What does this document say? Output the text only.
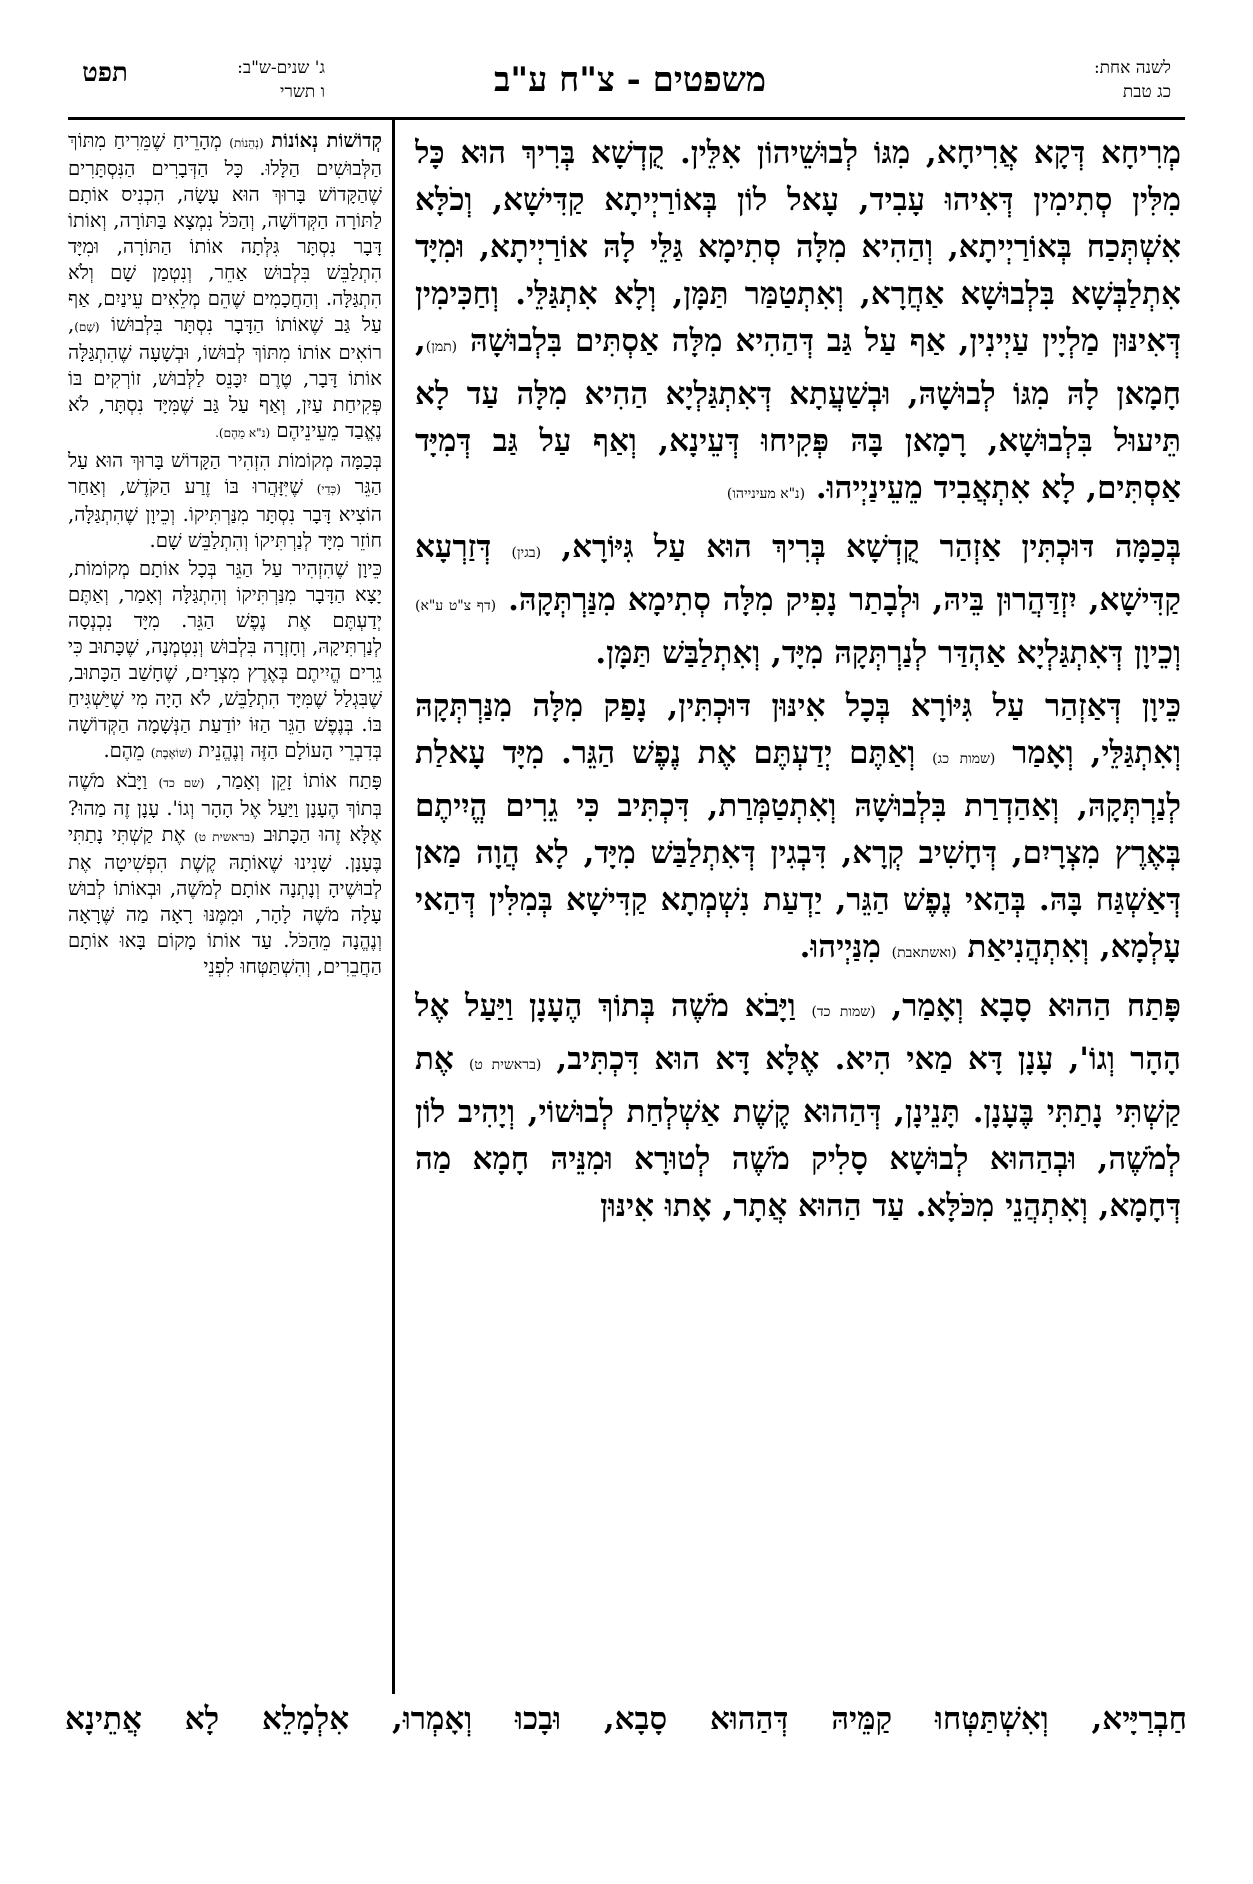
לשנה אחת:
כג טבת
משפטים - צ"ח ע"ב
ג' שנים-ש"ב:
ו תשרי
תפט

מְרִיחָא דְּקָא אֲרִיחָא, מִגּוֹ לְבוּשֵׁיהוֹן אִלֵּין. קֻדְשָׁא בְּרִיךְ הוּא כָּל מִלִּין סְתִימִין דְּאִיהוּ עָבִיד, עָאל לוֹן בְּאוֹרַיְיתָא קַדִּישָׁא, וְכֹלָּא אִשְׁתְּכַח בְּאוֹרַיְיתָא, וְהַהִיא מִלָּה סְתִימָא גַּלֵּי לָהּ אוֹרַיְיתָא, וּמִיָּד אִתְלַבְּשָׁא בִּלְבוּשָׁא אַחֲרָא, וְאִתְטַמַּר תַּמָּן, וְלָא אִתְגַּלֵּי. וְחַכִּימִין דְּאִינּוּן מַלְיָין עַיְינִין, אַף עַל גַּב דְּהַהִיא מִלָּה אַסְתִּים בִּלְבוּשָׁהּ (תמן), חָמָאן לָהּ מִגּוֹ לְבוּשָׁהּ, וּבְשַׁעֲתָא דְּאִתְגַּלְיָא הַהִיא מִלָּה עַד לָא תֵּיעוּל בִּלְבוּשָׁא, רָמָאן בָּהּ פְּקִיחוּ דְּעֵינָא, וְאַף עַל גַּב דְּמִיָּד אַסְתִּים, לָא אִתְאֲבִיד מֵעֵינַיְיהוּ. (נ"א מעינייהו)

בְּכַמָּה דּוּכְתִּין אַזְהַר קֻדְשָׁא בְּרִיךְ הוּא עַל גִּיּוֹרָא, (בגין) דְּזַרְעָא קַדִּישָׁא, יִזְדַּהֲרוּן בֵּיהּ, וּלְבָתַר נָפִיק מִלָּה סְתִימָא מִנַּרְתְּקָהּ. (דף צ"ט ע"א) וְכֵיוָן דְּאִתְגַּלְיָא אַהְדַּר לְנַרְתְּקָהּ מִיָּד, וְאִתְלַבַּשׁ תַּמָּן.

כֵּיוָן דְּאַזְהַר עַל גִּיּוֹרָא בְּכָל אִינּוּן דּוּכְתִּין, נָפַק מִלָּה מִנַּרְתְּקָהּ וְאִתְגַּלֵּי, וְאָמַר (שמות כג) וְאַתֶּם יְדַעְתֶּם אֶת נֶפֶשׁ הַגֵּר. מִיָּד עָאלַת לְנַרְתְּקָהּ, וְאַהַדְרַת בִּלְבוּשָׁהּ וְאִתְטַמְּרַת, דִּכְתִּיב כִּי גֵרִים הֱיִיתֶם בְּאֶרֶץ מִצְרָיִם, דְּחָשִׁיב קְרָא, דִּבְגִין דְּאִתְלַבַּשׁ מִיָּד, לָא הֲוָה מַאן דְּאַשְׁגַּח בָּהּ. בְּהַאי נֶפֶשׁ הַגֵּר, יַדְעַת נִשְׁמְתָא קַדִּישָׁא בְּמִלִּין דְּהַאי עָלְמָא, וְאִתְהֲנִיאַת (ואשתאבת) מִנַּיְיהוּ.

פָּתַח הַהוּא סָבָא וְאָמַר, (שמות כד) וַיָּבֹא מֹשֶׁה בְּתוֹךְ הֶעָנָן וַיַּעַל אֶל הָהָר וְגוֹ', עָנָן דָּא מַאי הִיא. אֶלָּא דָּא הוּא דִּכְתִּיב, (בראשית ט) אֶת קַשְׁתִּי נָתַתִּי בֶּעָנָן. תָּנֵינָן, דְּהַהוּא קֶשֶׁת אַשְׁלְחַת לְבוּשׁוֹי, וְיָהִיב לוֹן לְמֹשֶׁה, וּבְהַהוּא לְבוּשָׁא סָלִיק מֹשֶׁה לְטוּרָא וּמִנֵּיהּ חָמָא מַה דְּחָמָא, וְאִתְהֲנֵי מִכֹּלָּא. עַד הַהוּא אֲתָר, אָתוּ אִינּוּן

קְדוֹשׁוֹת נְאוֹנוֹת (נְהֵנוֹת) מְהָרֵיחַ שֶׁמֵּרִיחַ מִתּוֹךְ הַלְּבוּשִׁים הַלָּלוּ. כָּל הַדְּבָרִים הַנִּסְתָּרִים שֶׁהַקָּדוֹשׁ בָּרוּךְ הוּא עָשָׂה, הִכְנִיס אוֹתָם לַתּוֹרָה הַקְּדוֹשָׁה, וְהַכֹּל נִמְצָא בַּתּוֹרָה, וְאוֹתוֹ דָּבָר נִסְתָּר גִּלְּתָה אוֹתוֹ הַתּוֹרָה, וּמִיָּד הִתְלַבֵּשׁ בִּלְבוּשׁ אַחֵר, וְנִטְמַן שָׁם וְלֹא הִתְגַּלָּה. וְהַחֲכָמִים שֶׁהֵם מְלֵאִים עֵינַיִם, אַף עַל גַּב שֶׁאוֹתוֹ הַדָּבָר נִסְתָּר בִּלְבוּשׁוֹ (שָׁם), רוֹאִים אוֹתוֹ מִתּוֹךְ לְבוּשׁוֹ, וּבְשָׁעָה שֶׁהִתְגַּלָּה אוֹתוֹ דָּבָר, טֶרֶם יִכָּנֵס לַלְּבוּשׁ, זוֹרְקִים בּוֹ פְּקִיחַת עַיִן, וְאַף עַל גַּב שֶׁמִּיָּד נִסְתָּר, לֹא נֶאֱבַד מֵעֵינֵיהֶם (נ"א מֵהֶם).

בְּכַמָּה מְקוֹמוֹת הִזְהִיר הַקָּדוֹשׁ בָּרוּךְ הוּא עַל הַגֵּר (כְּדֵי) שֶׁיִּזָּהֲרוּ בּוֹ זֶרַע הַקֹּדֶשׁ, וְאַחַר הוֹצִיא דָּבָר נִסְתָּר מִנַּרְתִּיקוֹ. וְכֵיוָן שֶׁהִתְגַּלָּה, חוֹזֵר מִיָּד לְנַרְתִּיקוֹ וְהִתְלַבֵּשׁ שָׁם.

כֵּיוָן שֶׁהִזְהִיר עַל הַגֵּר בְּכָל אוֹתָם מְקוֹמוֹת, יָצָא הַדָּבָר מִנַּרְתִּיקוֹ וְהִתְגַּלָּה וְאָמַר, וְאַתֶּם יְדַעְתֶּם אֶת נֶפֶשׁ הַגֵּר. מִיָּד נִכְנְסָה לְנַרְתִּיקָהּ, וְחָזְרָה בִּלְבוּשׁ וְנִטְמְנָה, שֶׁכָּתוּב כִּי גֵרִים הֱיִיתֶם בְּאֶרֶץ מִצְרָיִם, שֶׁחָשַׁב הַכָּתוּב, שֶׁבִּגְלַל שֶׁמִּיָּד הִתְלַבֵּשׁ, לֹא הָיָה מִי שֶׁיַּשְׁגִּיחַ בּוֹ. בְּנֶפֶשׁ הַגֵּר הַזּוֹ יוֹדַעַת הַנְּשָׁמָה הַקְּדוֹשָׁה בְּדִבְרֵי הָעוֹלָם הַזֶּה וְנֶהֱנֵית (שׁוֹאֶבֶת) מֵהֶם.

פָּתַח אוֹתוֹ זָקֵן וְאָמַר, (שם כד) וַיָּבֹא מֹשֶׁה בְּתוֹךְ הֶעָנָן וַיַּעַל אֶל הָהָר וְגוֹ'. עָנָן זֶה מַהוּ? אֶלָּא זֶהוּ הַכָּתוּב (בראשית ט) אֶת קַשְׁתִּי נָתַתִּי בֶּעָנָן. שָׁנִינוּ שֶׁאוֹתָהּ קֶשֶׁת הִפְשִׁיטָה אֶת לְבוּשֶׁיהָ וְנָתְנָה אוֹתָם לְמֹשֶׁה, וּבְאוֹתוֹ לְבוּשׁ עָלָה מֹשֶׁה לָהָר, וּמִמֶּנּוּ רָאָה מַה שֶּׁרָאָה וְנֶהֱנָה מֵהַכֹּל. עַד אוֹתוֹ מָקוֹם בָּאוּ אוֹתָם הַחֲבֵרִים, וְהִשְׁתַּטְּחוּ לִפְנֵי

חַבְרַיָּיא, וְאִשְׁתַּטְּחוּ קַמֵּיהּ דְּהַהוּא סָבָא, וּבָכוּ וְאָמְרוּ, אִלְמָלֵא לָא אֲתֵינָא
